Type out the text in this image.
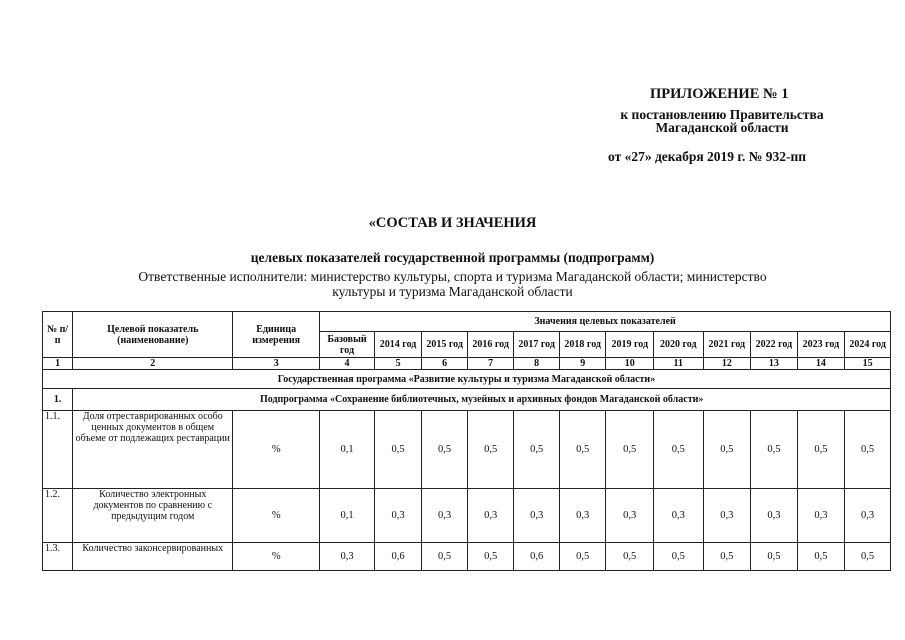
ПРИЛОЖЕНИЕ № 1
к постановлению Правительства Магаданской области
от «27» декабря 2019 г. № 932-пп
«СОСТАВ И ЗНАЧЕНИЯ
целевых показателей государственной программы (подпрограмм)
Ответственные исполнители: министерство культуры, спорта и туризма Магаданской области; министерство культуры и туризма Магаданской области
№ п/п	Целевой показатель (наименование)	Единица измерения	Значения целевых показателей											
			Базовый год	2014 год	2015 год	2016 год	2017 год	2018 год	2019 год	2020 год	2021 год	2022 год	2023 год	2024 год
1	2	3	4	5	6	7	8	9	10	11	12	13	14	15
Государственная программа «Развитие культуры и туризма Магаданской области»														
1.	Подпрограмма «Сохранение библиотечных, музейных и архивных фондов Магаданской области»													
1.1.	Доля отреставрированных особо ценных документов в общем объеме от подлежащих реставрации	%	0,1	0,5	0,5	0,5	0,5	0,5	0,5	0,5	0,5	0,5	0,5	0,5
1.2.	Количество электронных документов по сравнению с предыдущим годом	%	0,1	0,3	0,3	0,3	0,3	0,3	0,3	0,3	0,3	0,3	0,3	0,3
1.3.	Количество законсервированных	%	0,3	0,6	0,5	0,5	0,6	0,5	0,5	0,5	0,5	0,5	0,5	0,5
